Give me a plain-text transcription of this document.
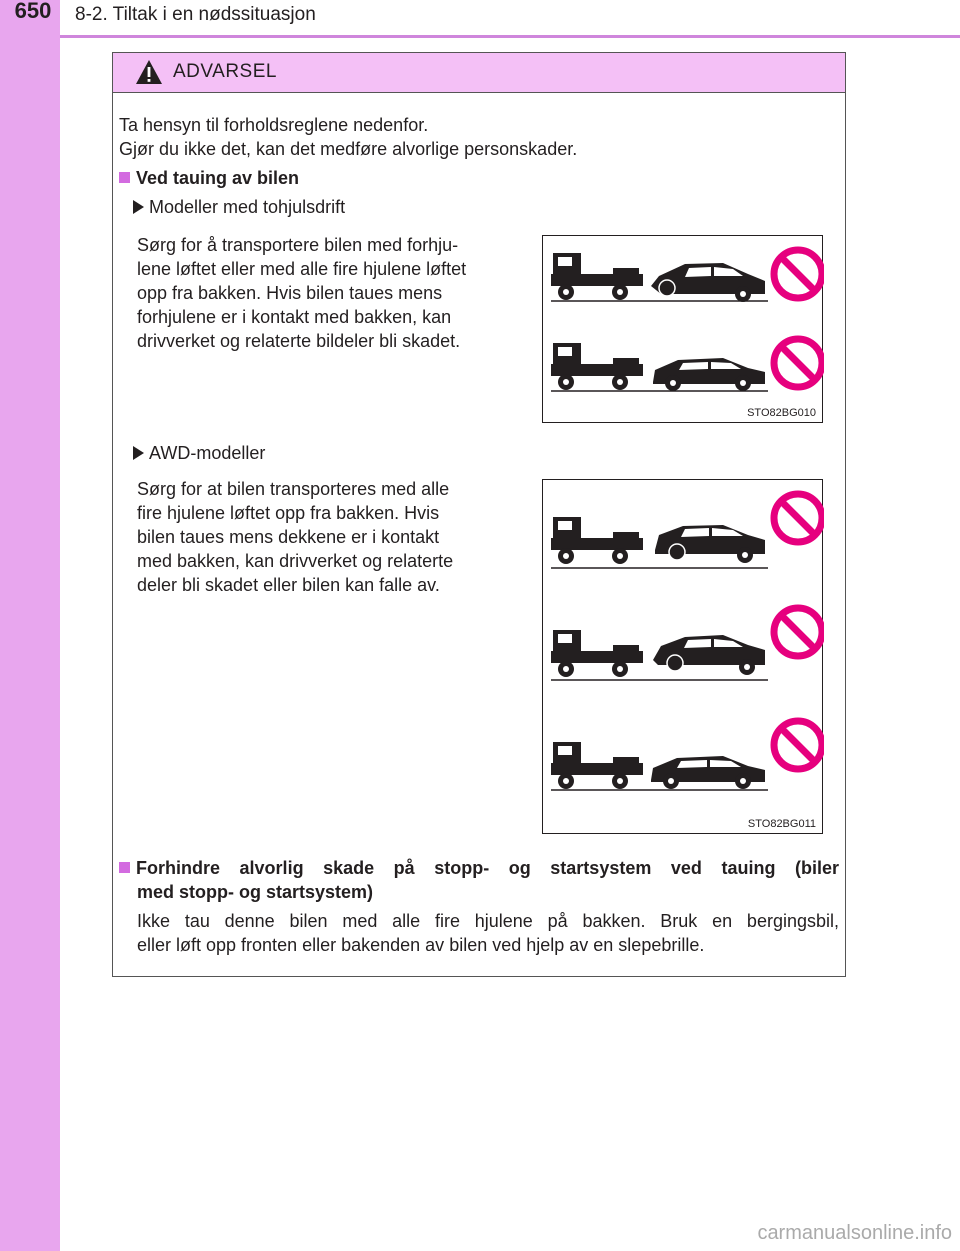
650	8-2. Tiltak i en nødssituasjon
ADVARSEL
Ta hensyn til forholdsreglene nedenfor.
Gjør du ikke det, kan det medføre alvorlige personskader.
Ved tauing av bilen
Modeller med tohjulsdrift
Sørg for å transportere bilen med forhju-
lene løftet eller med alle fire hjulene løftet
opp fra bakken. Hvis bilen taues mens
forhjulene er i kontakt med bakken, kan
drivverket og relaterte bildeler bli skadet.
STO82BG010
AWD-modeller
Sørg for at bilen transporteres med alle
fire hjulene løftet opp fra bakken. Hvis
bilen taues mens dekkene er i kontakt
med bakken, kan drivverket og relaterte
deler bli skadet eller bilen kan falle av.
STO82BG011
Forhindre alvorlig skade på stopp- og startsystem ved tauing (biler
med stopp- og startsystem)
Ikke tau denne bilen med alle fire hjulene på bakken. Bruk en bergingsbil,
eller løft opp fronten eller bakenden av bilen ved hjelp av en slepebrille.
carmanualsonline.info
